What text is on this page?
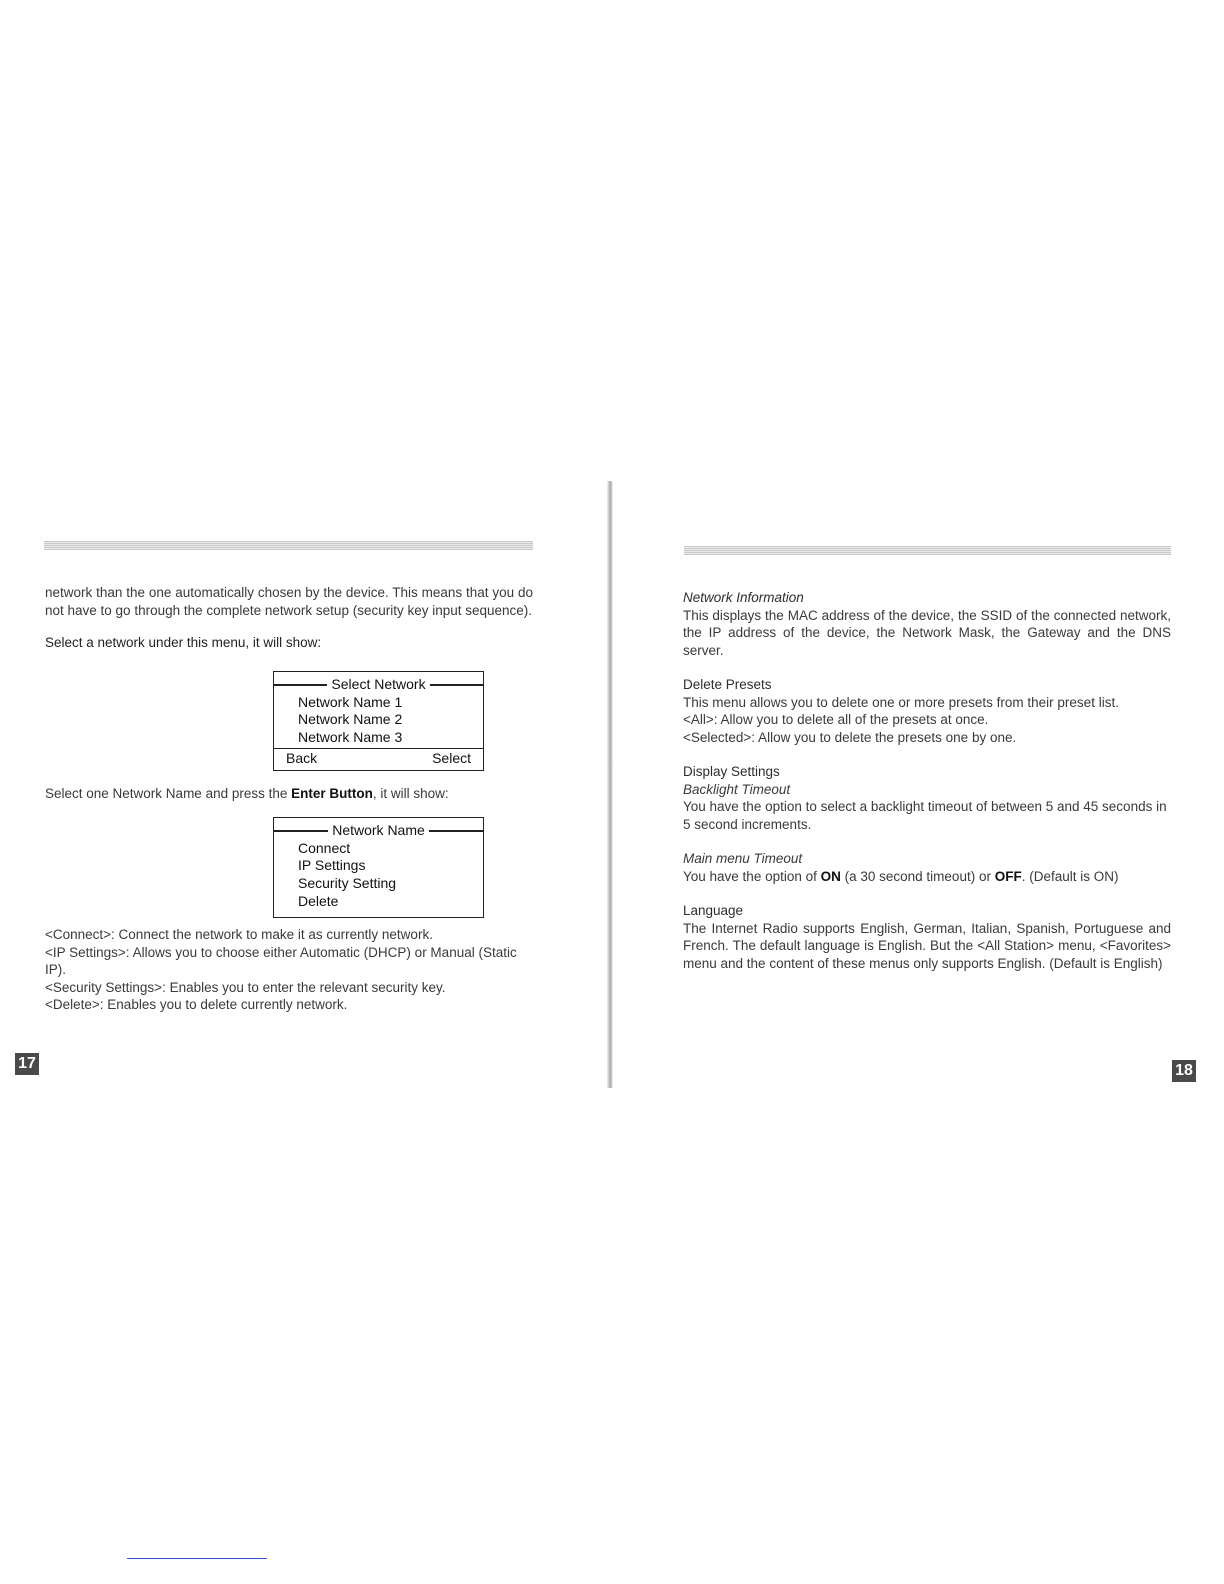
network than the one automatically chosen by the device. This means that you do not have to go through the complete network setup (security key input sequence).

Select a network under this menu, it will show:

Select Network
Network Name 1
Network Name 2
Network Name 3
Back	Select
Select one Network Name and press the Enter Button, it will show:
Network Name
Connect
IP Settings
Security Setting
Delete

<Connect>: Connect the network to make it as currently network.

<IP Settings>: Allows you to choose either Automatic (DHCP) or Manual (Static IP).

<Security Settings>: Enables you to enter the relevant security key.

<Delete>: Enables you to delete currently network.

17

Network Information

This displays the MAC address of the device, the SSID of the connected network, the IP address of the device, the Network Mask, the Gateway and the DNS server.

Delete Presets

This menu allows you to delete one or more presets from their preset list.

<All>: Allow you to delete all of the presets at once.

<Selected>: Allow you to delete the presets one by one.

Display Settings

Backlight Timeout

You have the option to select a backlight timeout of between 5 and 45 seconds in 5 second increments.

Main menu Timeout

You have the option of ON (a 30 second timeout) or OFF. (Default is ON)

Language

The Internet Radio supports English, German, Italian, Spanish, Portuguese and French. The default language is English. But the <All Station> menu, <Favorites> menu and the content of these menus only supports English. (Default is English)

18
